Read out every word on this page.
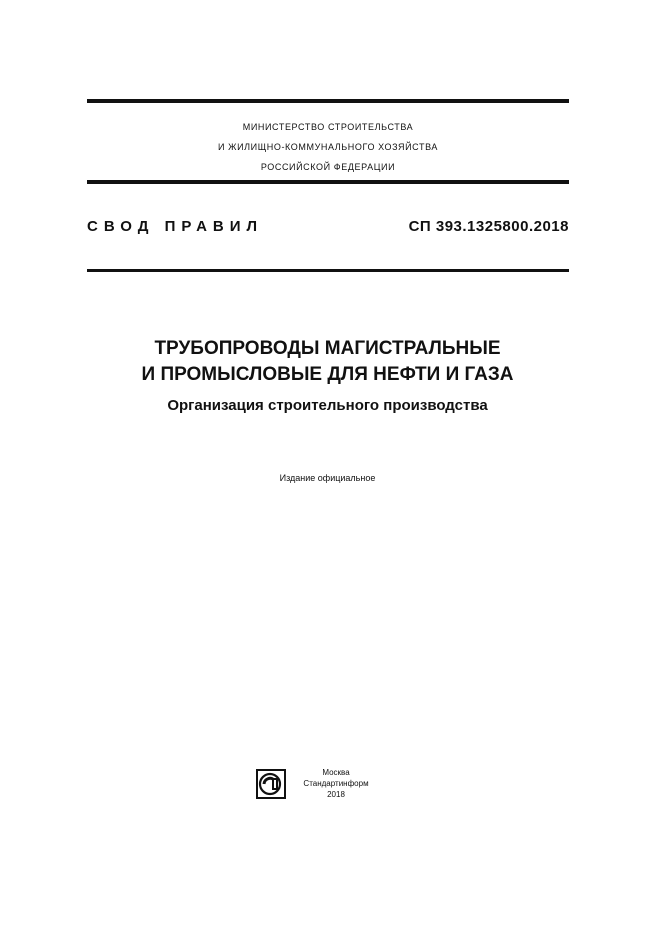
МИНИСТЕРСТВО СТРОИТЕЛЬСТВА
И ЖИЛИЩНО-КОММУНАЛЬНОГО ХОЗЯЙСТВА
РОССИЙСКОЙ ФЕДЕРАЦИИ
СВОД ПРАВИЛ	СП 393.1325800.2018
ТРУБОПРОВОДЫ МАГИСТРАЛЬНЫЕ
И ПРОМЫСЛОВЫЕ ДЛЯ НЕФТИ И ГАЗА
Организация строительного производства
Издание официальное
Москва
Стандартинформ
2018
